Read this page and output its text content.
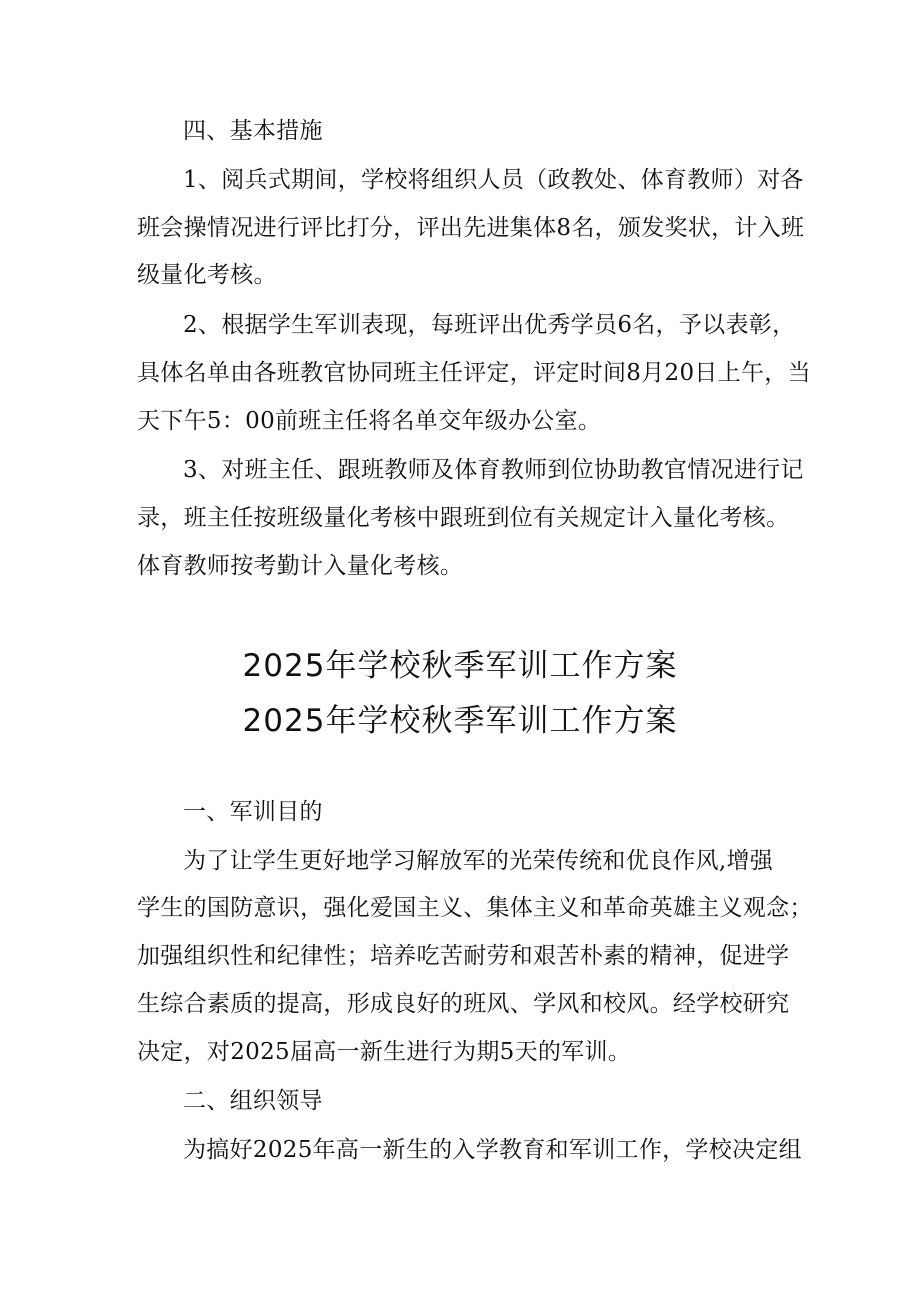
四、基本措施
1、阅兵式期间，学校将组织人员（政教处、体育教师）对各
班会操情况进行评比打分，评出先进集体8名，颁发奖状，计入班
级量化考核。
2、根据学生军训表现，每班评出优秀学员6名，予以表彰，
具体名单由各班教官协同班主任评定，评定时间8月20日上午，当
天下午5：00前班主任将名单交年级办公室。
3、对班主任、跟班教师及体育教师到位协助教官情况进行记
录，班主任按班级量化考核中跟班到位有关规定计入量化考核。
体育教师按考勤计入量化考核。
2025年学校秋季军训工作方案
2025年学校秋季军训工作方案
一、军训目的
为了让学生更好地学习解放军的光荣传统和优良作风,增强
学生的国防意识，强化爱国主义、集体主义和革命英雄主义观念；
加强组织性和纪律性；培养吃苦耐劳和艰苦朴素的精神，促进学
生综合素质的提高，形成良好的班风、学风和校风。经学校研究
决定，对2025届高一新生进行为期5天的军训。
二、组织领导
为搞好2025年高一新生的入学教育和军训工作，学校决定组
